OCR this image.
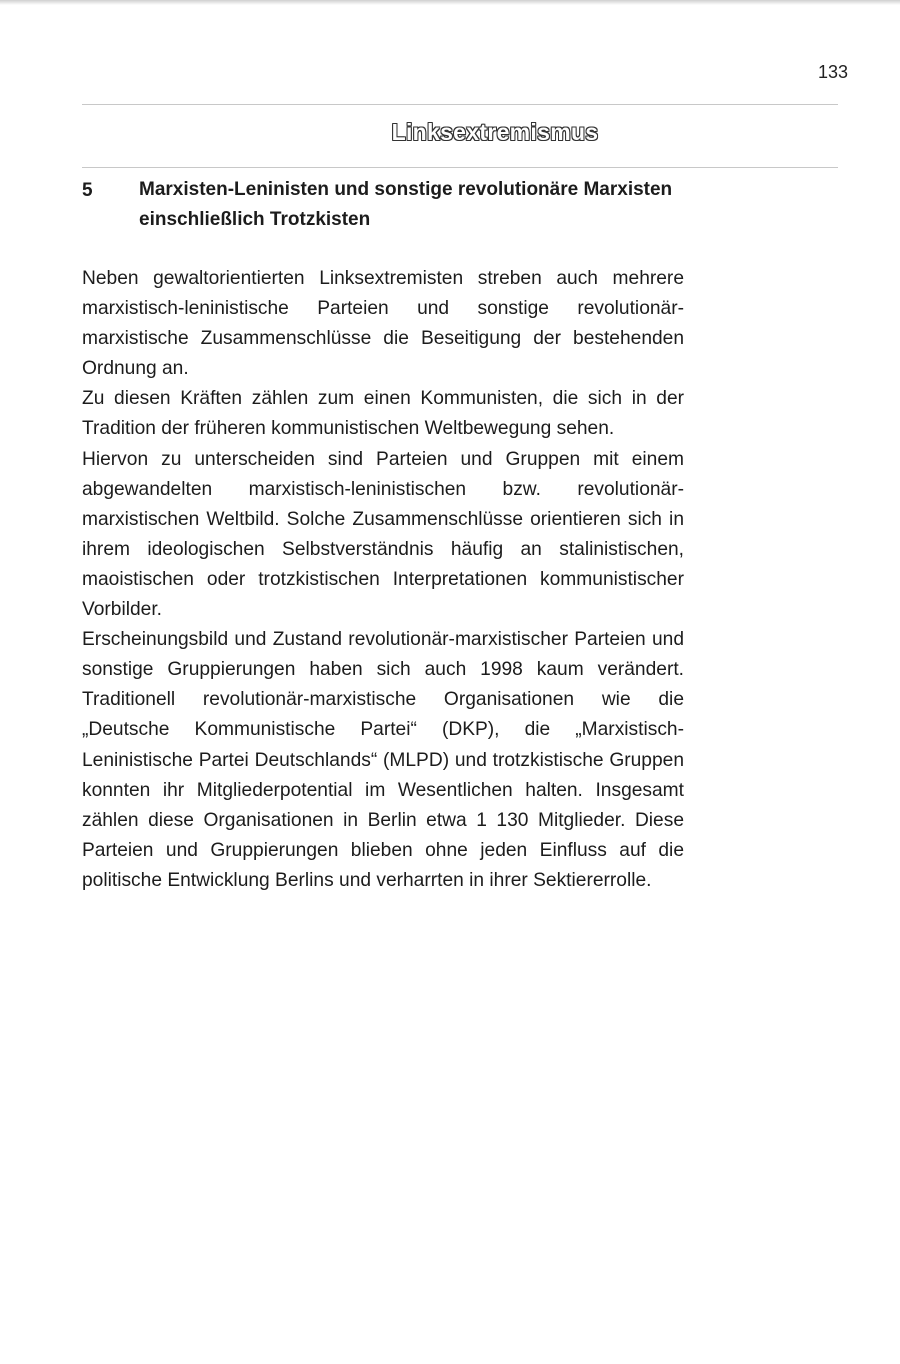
133
Linksextremismus
5 Marxisten-Leninisten und sonstige revolutionäre Marxisten einschließlich Trotzkisten

Neben gewaltorientierten Linksextremisten streben auch mehrere marxistisch-leninistische Parteien und sonstige revolutionär-marxistische Zusammenschlüsse die Beseitigung der bestehenden Ordnung an.

Zu diesen Kräften zählen zum einen Kommunisten, die sich in der Tradition der früheren kommunistischen Weltbewegung sehen.

Hiervon zu unterscheiden sind Parteien und Gruppen mit einem abgewandelten marxistisch-leninistischen bzw. revolutionär-marxistischen Weltbild. Solche Zusammenschlüsse orientieren sich in ihrem ideologischen Selbstverständnis häufig an stalinistischen, maoistischen oder trotzkistischen Interpretationen kommunistischer Vorbilder.

Erscheinungsbild und Zustand revolutionär-marxistischer Parteien und sonstige Gruppierungen haben sich auch 1998 kaum verändert. Traditionell revolutionär-marxistische Organisationen wie die „Deutsche Kommunistische Partei“ (DKP), die „Marxistisch-Leninistische Partei Deutschlands“ (MLPD) und trotzkistische Gruppen konnten ihr Mitgliederpotential im Wesentlichen halten. Insgesamt zählen diese Organisationen in Berlin etwa 1 130 Mitglieder. Diese Parteien und Gruppierungen blieben ohne jeden Einfluss auf die politische Entwicklung Berlins und verharrten in ihrer Sektiererrolle.
